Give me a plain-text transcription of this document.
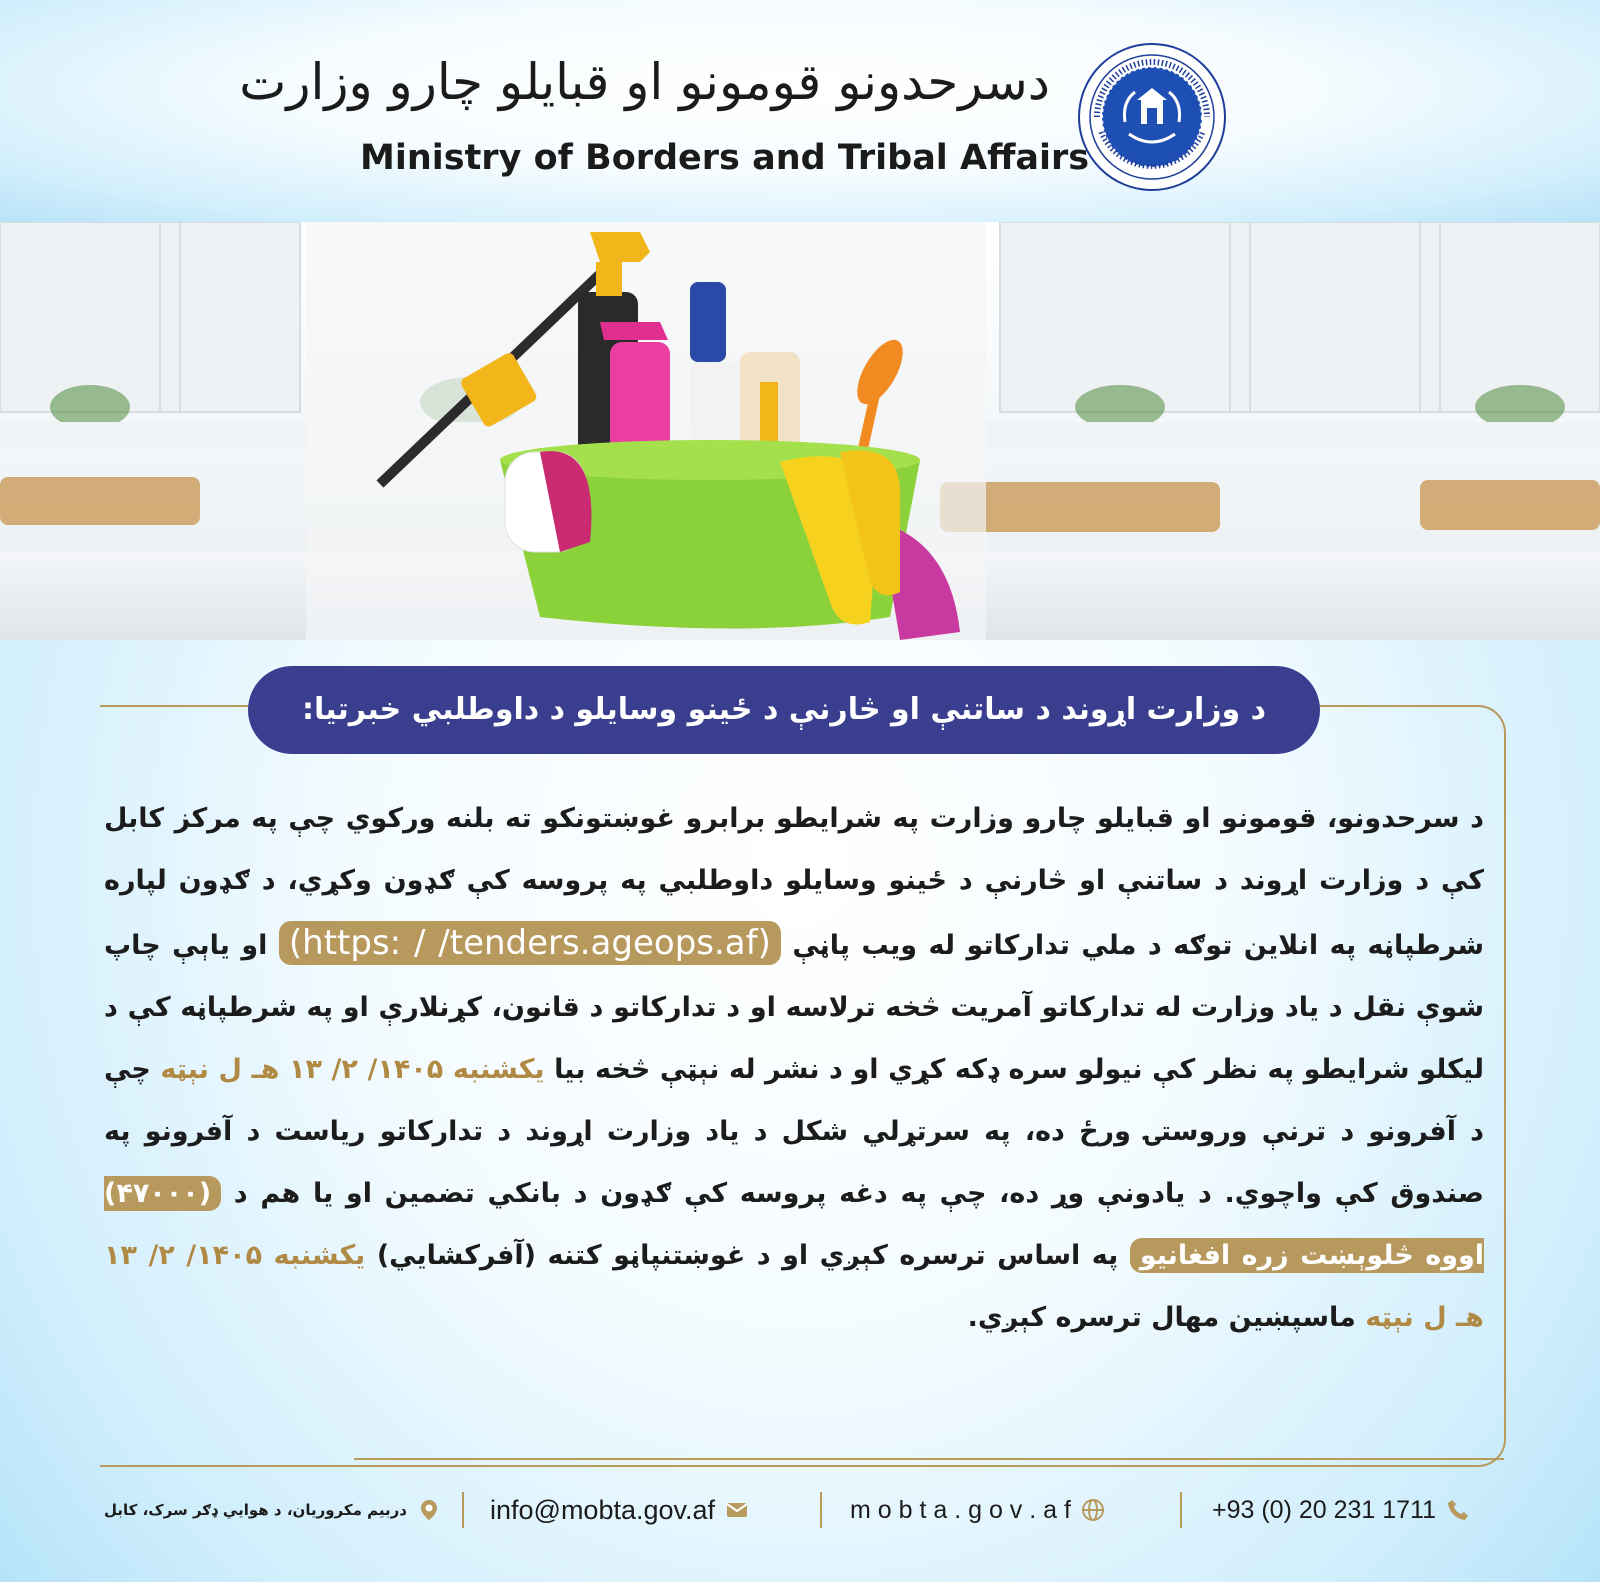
دسرحدونو قومونو او قبايلو چارو وزارت
Ministry of Borders and Tribal Affairs
د وزارت اړوند د ساتنې او څارنې د ځينو وسايلو د داوطلبي خبرتيا:
د سرحدونو، قومونو او قبايلو چارو وزارت په شرايطو برابرو غوښتونکو ته بلنه ورکوي چې په مرکز کابل کې د وزارت اړوند د ساتنې او څارنې د ځينو وسايلو داوطلبي په پروسه کې ګډون وکړي، د ګډون لپاره شرطپاڼه په انلاين توګه د ملي تدارکاتو له ويب پاڼې (https: / /tenders.ageops.af) او ياېې چاپ شوې نقل د ياد وزارت له تدارکاتو آمريت څخه ترلاسه او د تدارکاتو د قانون، کړنلارې او په شرطپاڼه کې د ليکلو شرايطو په نظر کې نيولو سره ډکه کړي او د نشر له نېټې څخه بيا يکشنبه ۱۴۰۵/ ۲/ ۱۳ هـ ل نېټه چې د آفرونو د ترنې وروستۍ ورځ ده، په سرتړلي شکل د ياد وزارت اړوند د تدارکاتو رياست د آفرونو په صندوق کې واچوي. د يادونې وړ ده، چې په دغه پروسه کې ګډون د بانکي تضمين او يا هم د (۴۷۰۰۰) اووه څلوېښت زره افغانيو په اساس ترسره کېږي او د غوښتنپاڼو کتنه (آفرکشايي) يکشنبه ۱۴۰۵/ ۲/ ۱۳ هـ ل نېټه ماسپښين مهال ترسره کېږي.
دربيم مکروريان، د هوايي ډګر سرک، کابل	info@mobta.gov.af	m o b t a . g o v . a f	+93 (0) 20 231 1711
